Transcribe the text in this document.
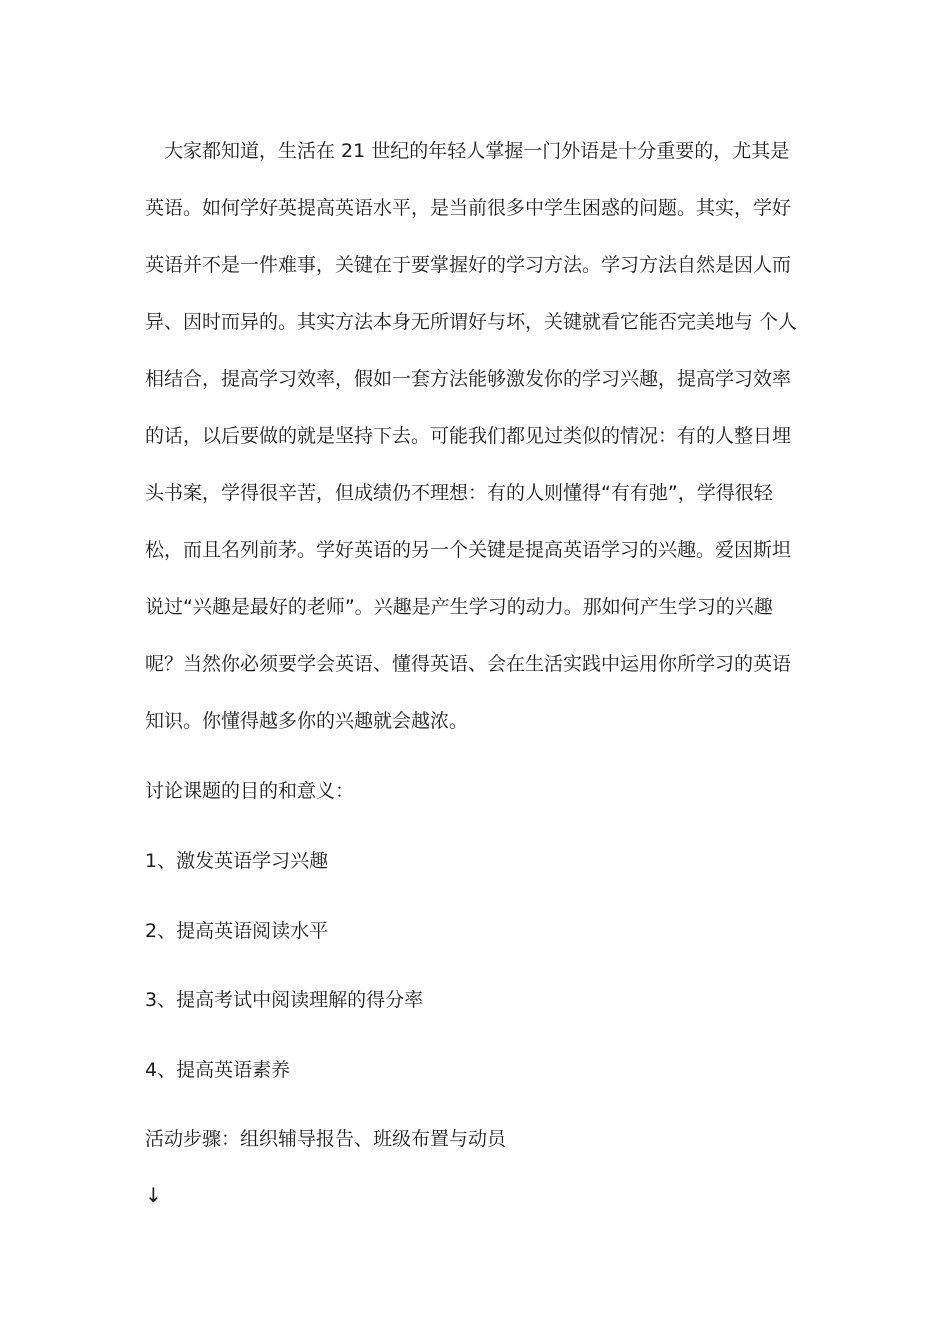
　大家都知道，生活在 21 世纪的年轻人掌握一门外语是十分重要的，尤其是

英语。如何学好英提高英语水平，是当前很多中学生困惑的问题。其实，学好

英语并不是一件难事，关键在于要掌握好的学习方法。学习方法自然是因人而

异、因时而异的。其实方法本身无所谓好与坏，关键就看它能否完美地与 个人

相结合，提高学习效率，假如一套方法能够激发你的学习兴趣，提高学习效率

的话，以后要做的就是坚持下去。可能我们都见过类似的情况：有的人整日埋

头书案，学得很辛苦，但成绩仍不理想：有的人则懂得“有有弛”，学得很轻

松，而且名列前茅。学好英语的另一个关键是提高英语学习的兴趣。爱因斯坦

说过“兴趣是最好的老师”。兴趣是产生学习的动力。那如何产生学习的兴趣

呢？当然你必须要学会英语、懂得英语、会在生活实践中运用你所学习的英语

知识。你懂得越多你的兴趣就会越浓。

讨论课题的目的和意义：

1、激发英语学习兴趣

2、提高英语阅读水平

3、提高考试中阅读理解的得分率

4、提高英语素养

活动步骤：组织辅导报告、班级布置与动员

↓
